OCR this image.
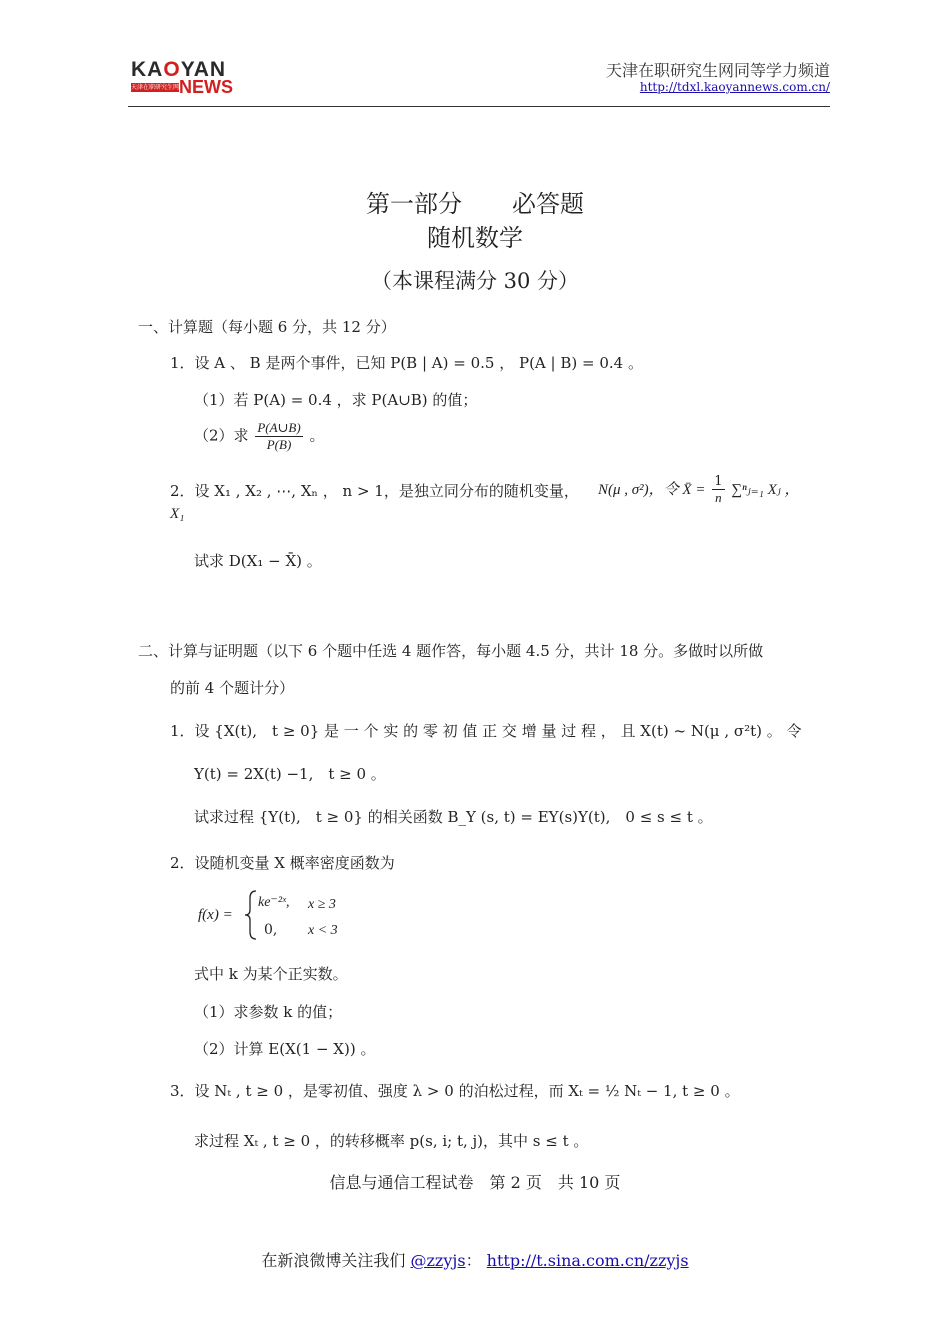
KAOYAN
天津在职研究生网 NEWS
天津在职研究生网同等学力频道
http://tdxl.kaoyannews.com.cn/
第一部分 必答题
随机数学
（本课程满分 30 分）
一、计算题（每小题 6 分，共 12 分）
1．设 A 、 B 是两个事件，已知 P(B | A) = 0.5 ， P(A | B) = 0.4 。
（1）若 P(A) = 0.4 ，求 P(A∪B) 的值；
（2）求 $\frac{P(A\cup B)}{P(B)}$ 。
2．设 X₁ , X₂ , ⋯, Xₙ ， n > 1，是独立同分布的随机变量， N(μ , σ²)，令 X̄ = $\frac{1}{n}$ ∑ⁿⱼ₌₁ Xⱼ ，
X₁
试求 D(X₁ − X̄) 。
二、计算与证明题（以下 6 个题中任选 4 题作答，每小题 4.5 分，共计 18 分。多做时以所做
的前 4 个题计分）
1．设 {X(t),　t ≥ 0} 是 一 个 实 的 零 初 值 正 交 增 量 过 程 ， 且 X(t) ~ N(μ , σ²t) 。 令
Y(t) = 2X(t) −1,　t ≥ 0 。
试求过程 {Y(t),　t ≥ 0} 的相关函数 B_Y (s, t) = EY(s)Y(t),　0 ≤ s ≤ t 。
2．设随机变量 X 概率密度函数为
f(x) =
ke⁻²ˣ, x ≥ 3
0, x < 3
式中 k 为某个正实数。
（1）求参数 k 的值；
（2）计算 E(X(1 − X)) 。
3．设 Nₜ , t ≥ 0 ，是零初值、强度 λ > 0 的泊松过程，而 Xₜ = ½ Nₜ − 1, t ≥ 0 。
求过程 Xₜ , t ≥ 0 ，的转移概率 p(s, i; t, j)，其中 s ≤ t 。
信息与通信工程试卷　第 2 页　共 10 页
在新浪微博关注我们 @zzyjs： http://t.sina.com.cn/zzyjs
